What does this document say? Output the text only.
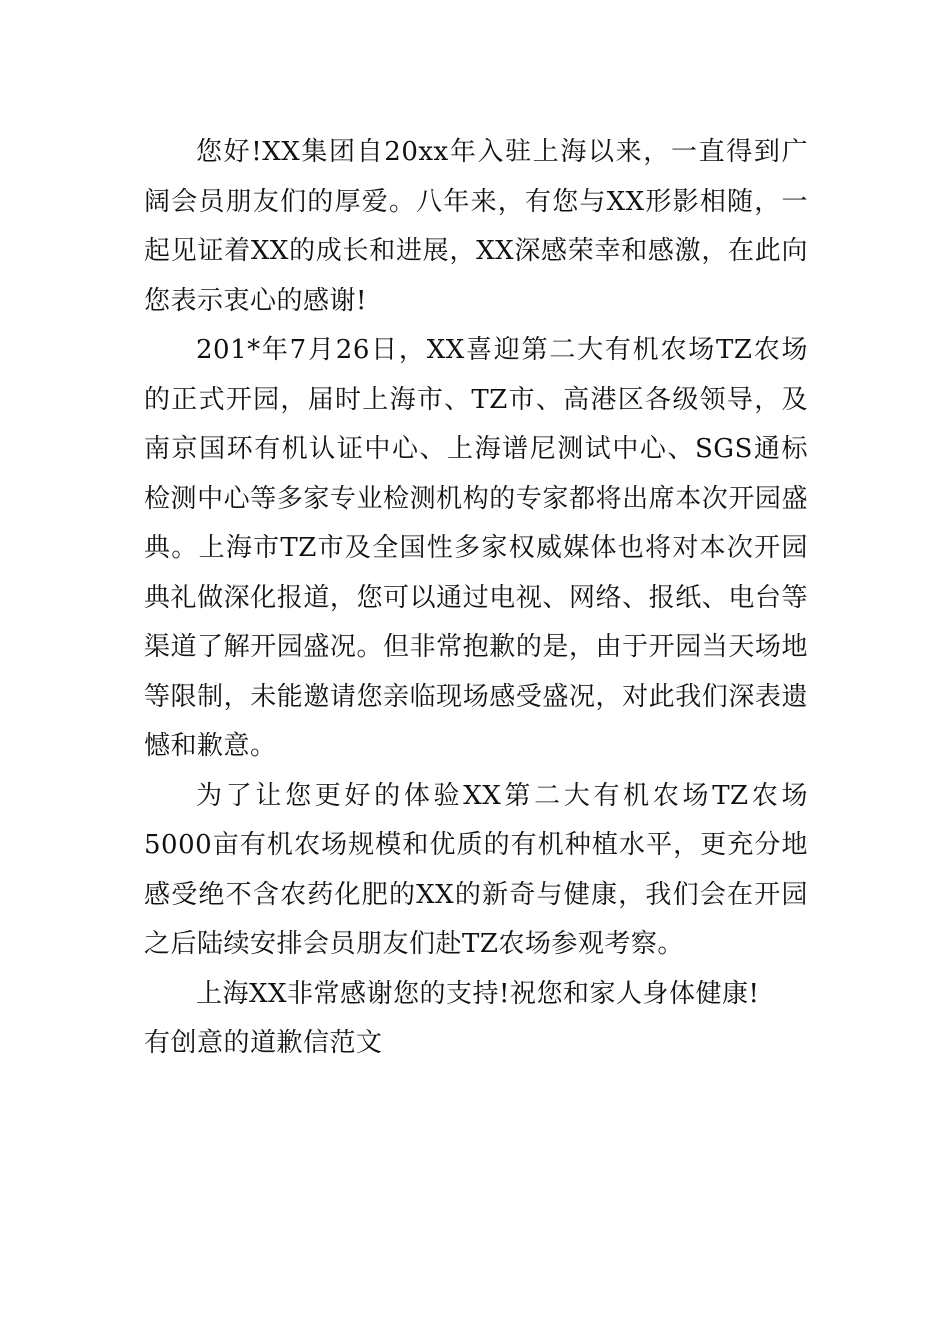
您好!XX集团自20xx年入驻上海以来，一直得到广阔会员朋友们的厚爱。八年来，有您与XX形影相随，一起见证着XX的成长和进展，XX深感荣幸和感激，在此向您表示衷心的感谢!

201*年7月26日，XX喜迎第二大有机农场TZ农场的正式开园，届时上海市、TZ市、高港区各级领导，及南京国环有机认证中心、上海谱尼测试中心、SGS通标检测中心等多家专业检测机构的专家都将出席本次开园盛典。上海市TZ市及全国性多家权威媒体也将对本次开园典礼做深化报道，您可以通过电视、网络、报纸、电台等渠道了解开园盛况。但非常抱歉的是，由于开园当天场地等限制，未能邀请您亲临现场感受盛况，对此我们深表遗憾和歉意。

为了让您更好的体验XX第二大有机农场TZ农场5000亩有机农场规模和优质的有机种植水平，更充分地感受绝不含农药化肥的XX的新奇与健康，我们会在开园之后陆续安排会员朋友们赴TZ农场参观考察。

上海XX非常感谢您的支持!祝您和家人身体健康!

有创意的道歉信范文
